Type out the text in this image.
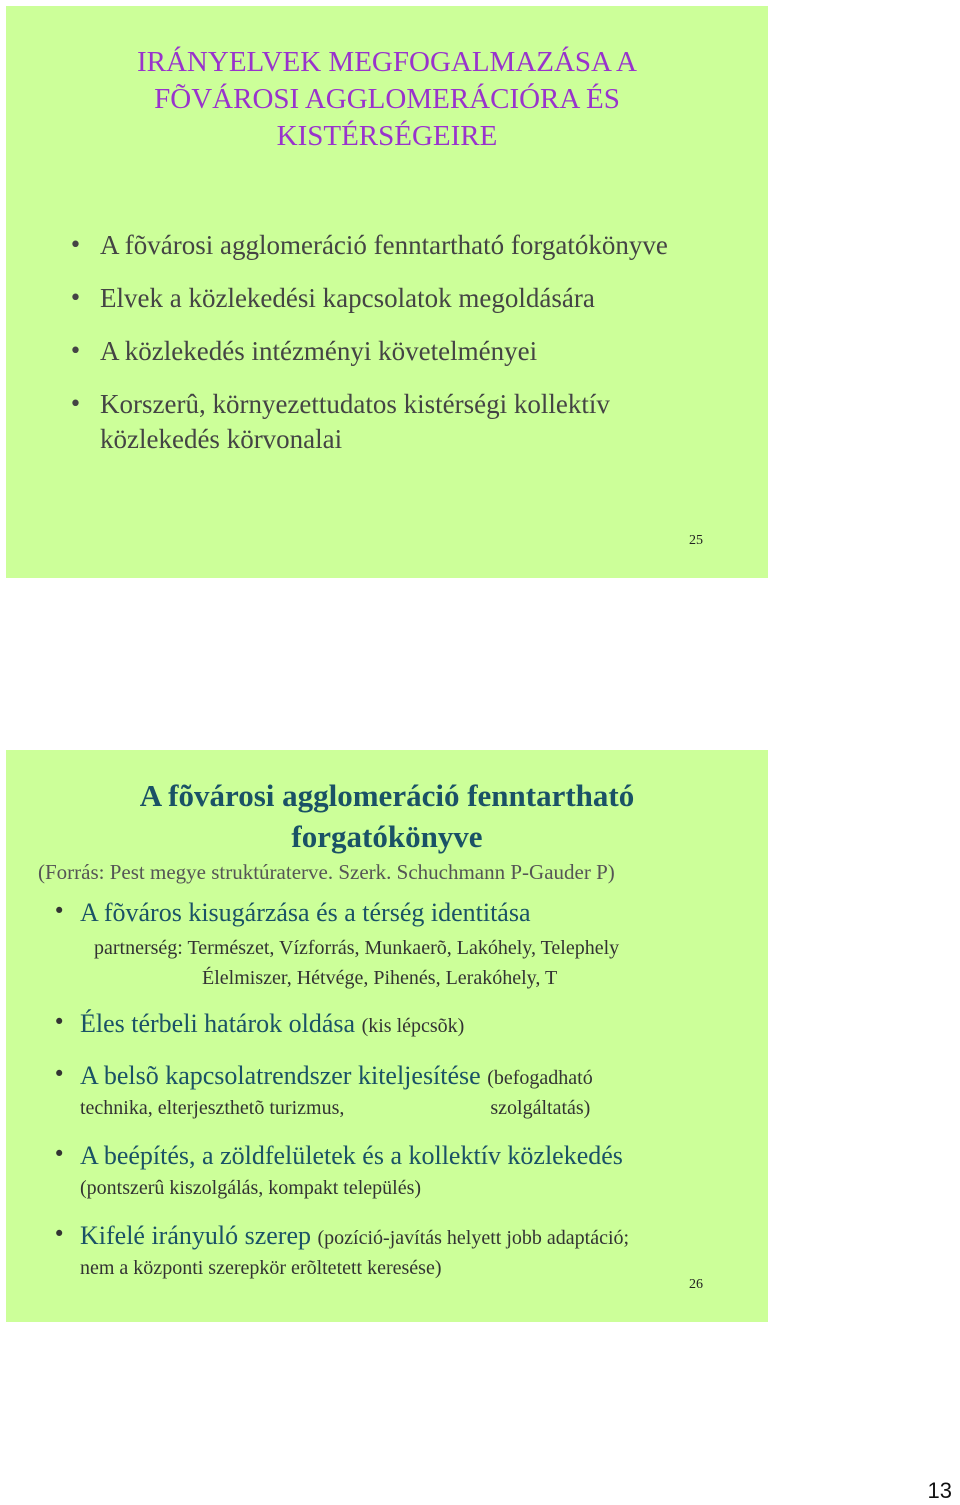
IRÁNYELVEK MEGFOGALMAZÁSA A
FÕVÁROSI AGGLOMERÁCIÓRA ÉS
KISTÉRSÉGEIRE
• A fõvárosi agglomeráció fenntartható forgatókönyve
• Elvek a közlekedési kapcsolatok megoldására
• A közlekedés intézményi követelményei
• Korszerû, környezettudatos kistérségi kollektív közlekedés körvonalai
25
A fõvárosi agglomeráció fenntartható
forgatókönyve
(Forrás: Pest megye struktúraterve. Szerk. Schuchmann P-Gauder P)
• A fõváros kisugárzása és a térség identitása
partnerség: Természet, Vízforrás, Munkaerõ, Lakóhely, Telephely
Élelmiszer, Hétvége, Pihenés, Lerakóhely, T
• Éles térbeli határok oldása (kis lépcsõk)
• A belsõ kapcsolatrendszer kiteljesítése (befogadható
technika, elterjeszthetõ turizmus,	szolgáltatás)
• A beépítés, a zöldfelületek és a kollektív közlekedés
(pontszerû kiszolgálás, kompakt település)
• Kifelé irányuló szerep (pozíció-javítás helyett jobb adaptáció;
nem a központi szerepkör erõltetett keresése)
26
13
